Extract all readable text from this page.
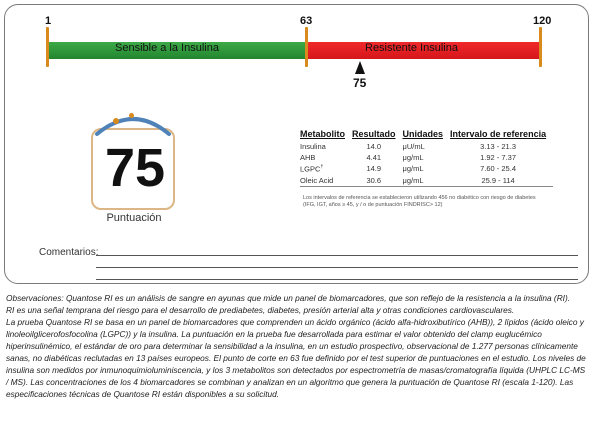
1	63	120
Sensible a la Insulina	Resistente Insulina
75
75
Puntuación
Metabolito	Resultado	Unidades	Intervalo de referencia
Insulina	14.0	μU/mL	3.13 - 21.3
AHB	4.41	μg/mL	1.92 - 7.37
LGPC†	14.9	μg/mL	7.60 - 25.4
Oleic Acid	30.6	μg/mL	25.9 - 114
Los intervalos de referencia se establecieron utilizando 456 no diabético con riesgo de diabetes (IFG, IGT, años ≥ 45, y / o de puntuación FINDRISC> 12)
Comentarios:

Observaciones: Quantose RI es un análisis de sangre en ayunas que mide un panel de biomarcadores, que son reflejo de la resistencia a la insulina (RI).

RI es una señal temprana del riesgo para el desarrollo de prediabetes, diabetes, presión arterial alta y otras condiciones cardiovasculares.

La prueba Quantose RI se basa en un panel de biomarcadores que comprenden un ácido orgánico (ácido alfa-hidroxibutírico (AHB)), 2 lípidos (ácido oleico y linoleoilglicerofosfocolina (LGPC)) y la insulina. La puntuación en la prueba fue desarrollada para estimar el valor obtenido del clamp euglucémico hiperinsulinémico, el estándar de oro para determinar la sensibilidad a la insulina, en un estudio prospectivo, observacional de 1.277 personas clínicamente sanas, no diabéticas reclutadas en 13 países europeos. El punto de corte en 63 fue definido por el test superior de puntuaciones en el estudio. Los niveles de insulina son medidos por inmunoquimioluminiscencia, y los 3 metabolitos son detectados por espectrometría de masas/cromatografía líquida (UHPLC LC-MS / MS). Las concentraciones de los 4 biomarcadores se combinan y analizan en un algoritmo que genera la puntuación de Quantose RI (escala 1-120). Las especificaciones técnicas de Quantose RI están disponibles a su solicitud.
